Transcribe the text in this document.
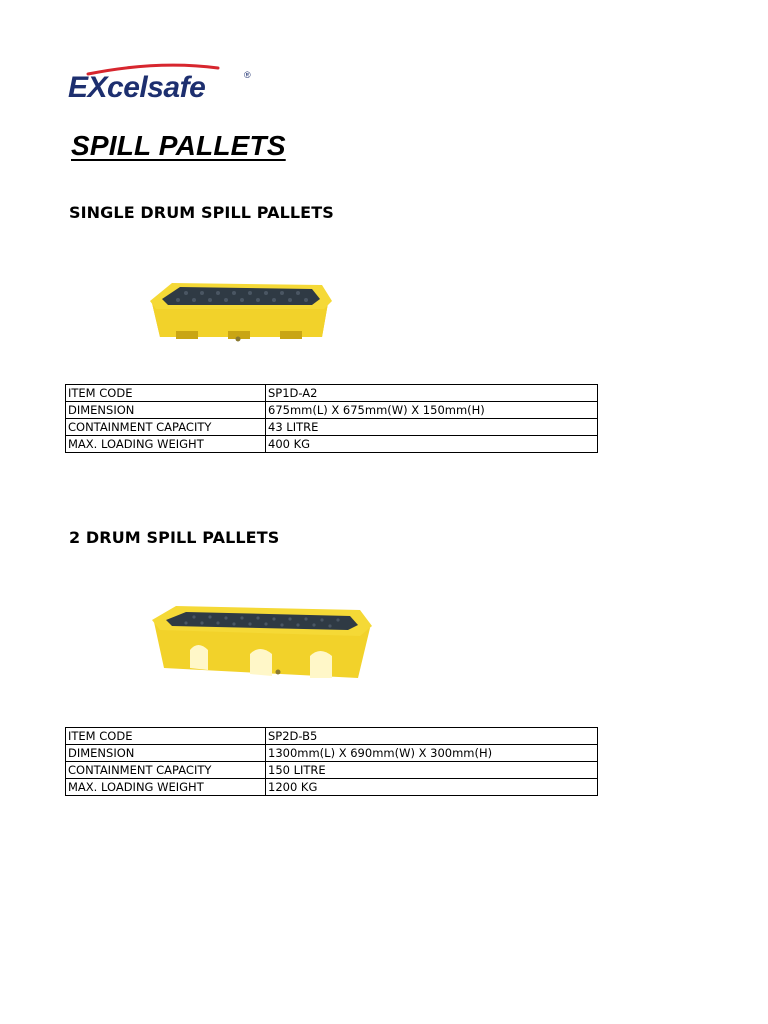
EXcelsafe	®
SPILL PALLETS
SINGLE DRUM SPILL PALLETS
ITEM CODE	SP1D-A2
DIMENSION	675mm(L) X 675mm(W) X 150mm(H)
CONTAINMENT CAPACITY	43 LITRE
MAX. LOADING WEIGHT	400 KG
2 DRUM SPILL PALLETS
ITEM CODE	SP2D-B5
DIMENSION	1300mm(L) X 690mm(W) X 300mm(H)
CONTAINMENT CAPACITY	150 LITRE
MAX. LOADING WEIGHT	1200 KG
